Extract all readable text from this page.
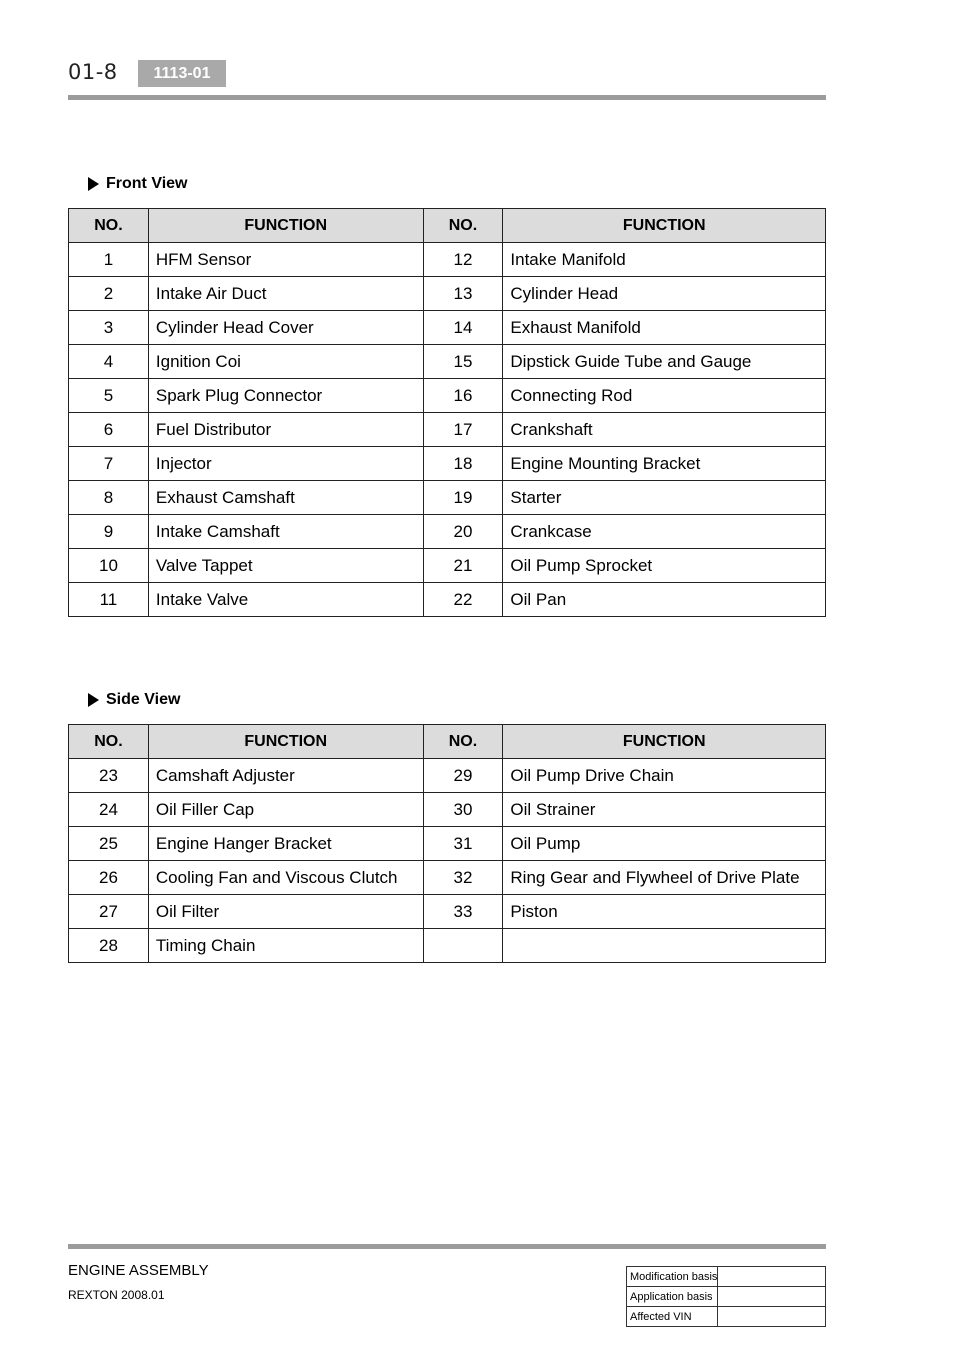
01-8	1113-01
Front View
NO.	FUNCTION	NO.	FUNCTION
1	HFM Sensor	12	Intake Manifold
2	Intake Air Duct	13	Cylinder Head
3	Cylinder Head Cover	14	Exhaust Manifold
4	Ignition Coi	15	Dipstick Guide Tube and Gauge
5	Spark Plug Connector	16	Connecting Rod
6	Fuel Distributor	17	Crankshaft
7	Injector	18	Engine Mounting Bracket
8	Exhaust Camshaft	19	Starter
9	Intake Camshaft	20	Crankcase
10	Valve Tappet	21	Oil Pump Sprocket
11	Intake Valve	22	Oil Pan
Side View
NO.	FUNCTION	NO.	FUNCTION
23	Camshaft Adjuster	29	Oil Pump Drive Chain
24	Oil Filler Cap	30	Oil Strainer
25	Engine Hanger Bracket	31	Oil Pump
26	Cooling Fan and Viscous Clutch	32	Ring Gear and Flywheel of Drive Plate
27	Oil Filter	33	Piston
28	Timing Chain		
ENGINE ASSEMBLY
REXTON 2008.01
Modification basis	
Application basis	
Affected VIN	
